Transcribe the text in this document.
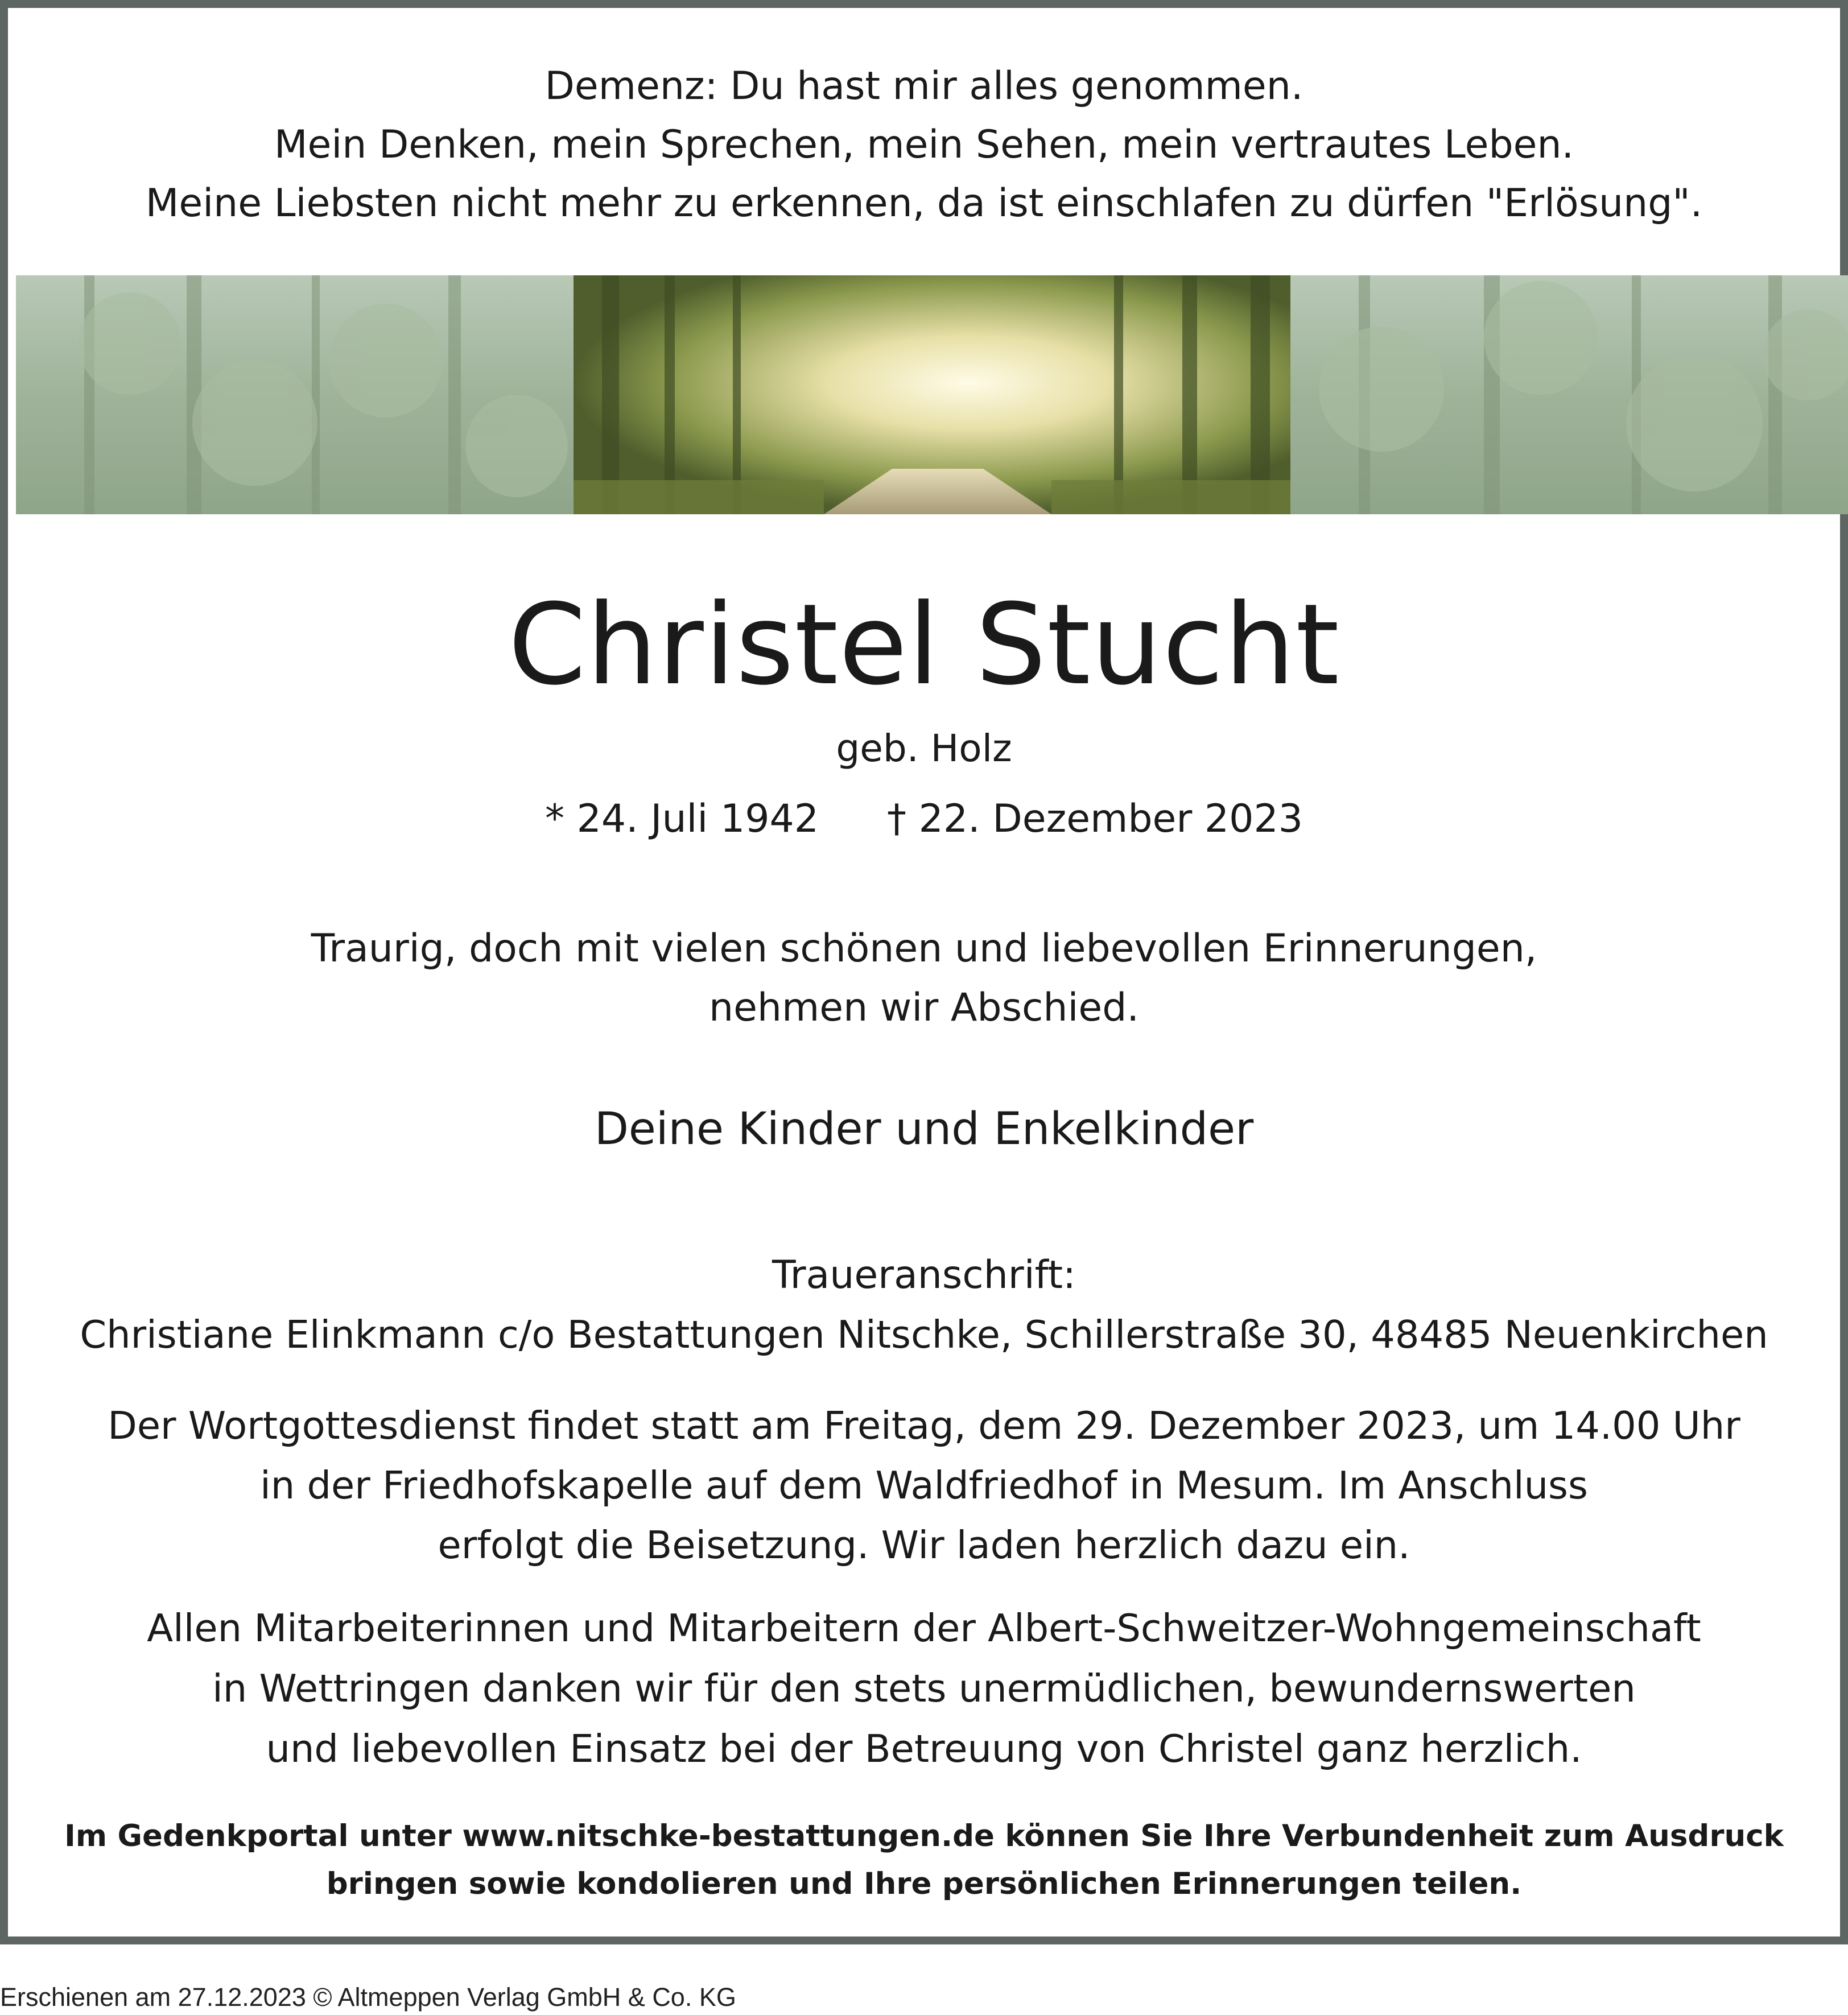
Demenz: Du hast mir alles genommen.
Mein Denken, mein Sprechen, mein Sehen, mein vertrautes Leben.
Meine Liebsten nicht mehr zu erkennen, da ist einschlafen zu dürfen "Erlösung".

Christel Stucht

geb. Holz

* 24. Juli 1942 † 22. Dezember 2023

Traurig, doch mit vielen schönen und liebevollen Erinnerungen,
nehmen wir Abschied.

Deine Kinder und Enkelkinder

Traueranschrift:

Christiane Elinkmann c/o Bestattungen Nitschke, Schillerstraße 30, 48485 Neuenkirchen

Der Wortgottesdienst findet statt am Freitag, dem 29. Dezember 2023, um 14.00 Uhr
in der Friedhofskapelle auf dem Waldfriedhof in Mesum. Im Anschluss
erfolgt die Beisetzung. Wir laden herzlich dazu ein.

Allen Mitarbeiterinnen und Mitarbeitern der Albert-Schweitzer-Wohngemeinschaft
in Wettringen danken wir für den stets unermüdlichen, bewundernswerten
und liebevollen Einsatz bei der Betreuung von Christel ganz herzlich.

Im Gedenkportal unter www.nitschke-bestattungen.de können Sie Ihre Verbundenheit zum Ausdruck
bringen sowie kondolieren und Ihre persönlichen Erinnerungen teilen.

Erschienen am 27.12.2023 © Altmeppen Verlag GmbH & Co. KG
